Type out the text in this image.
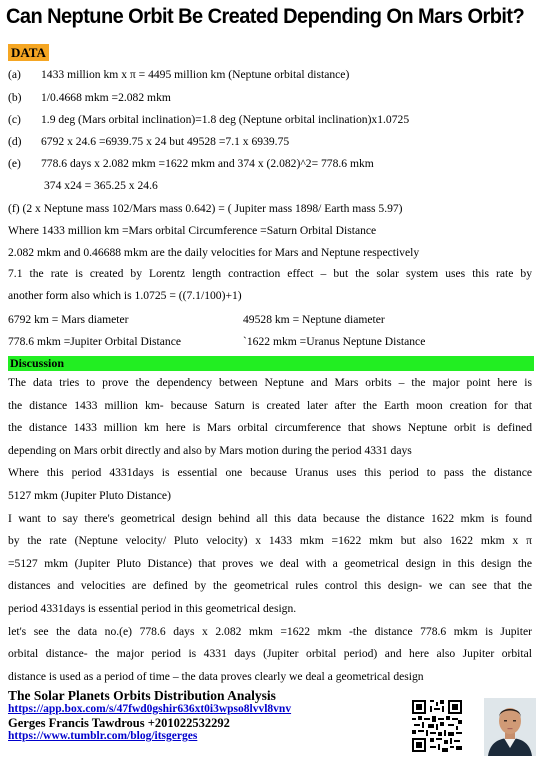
Can Neptune Orbit Be Created Depending On Mars Orbit?
DATA
(a) 1433 million km x π = 4495 million km (Neptune orbital distance)
(b) 1/0.4668 mkm =2.082 mkm
(c) 1.9 deg (Mars orbital inclination)=1.8 deg (Neptune orbital inclination)x1.0725
(d) 6792 x 24.6 =6939.75 x 24 but 49528 =7.1 x 6939.75
(e) 778.6 days x 2.082 mkm =1622 mkm and 374 x (2.082)^2= 778.6 mkm
374 x24 = 365.25 x 24.6
(f) (2 x Neptune mass 102/Mars mass 0.642) = ( Jupiter mass 1898/ Earth mass 5.97)
Where 1433 million km =Mars orbital Circumference =Saturn Orbital Distance
2.082 mkm and 0.46688 mkm are the daily velocities for Mars and Neptune respectively
7.1 the rate is created by Lorentz length contraction effect – but the solar system uses this rate by
another form also which is 1.0725 = ((7.1/100)+1)
6792 km = Mars diameter	49528 km = Neptune diameter
778.6 mkm =Jupiter Orbital Distance	`1622 mkm =Uranus Neptune Distance
Discussion
The data tries to prove the dependency between Neptune and Mars orbits – the major point here is
the distance 1433 million km- because Saturn is created later after the Earth moon creation for that
the distance 1433 million km here is Mars orbital circumference that shows Neptune orbit is defined
depending on Mars orbit directly and also by Mars motion during the period 4331 days
Where this period 4331days is essential one because Uranus uses this period to pass the distance
5127 mkm (Jupiter Pluto Distance)
I want to say there's geometrical design behind all this data because the distance 1622 mkm is found
by the rate (Neptune velocity/ Pluto velocity) x 1433 mkm =1622 mkm but also 1622 mkm x π
=5127 mkm (Jupiter Pluto Distance) that proves we deal with a geometrical design in this design the
distances and velocities are defined by the geometrical rules control this design- we can see that the
period 4331days is essential period in this geometrical design.
let's see the data no.(e) 778.6 days x 2.082 mkm =1622 mkm -the distance 778.6 mkm is Jupiter
orbital distance- the major period is 4331 days (Jupiter orbital period) and here also Jupiter orbital
distance is used as a period of time – the data proves clearly we deal a geometrical design
The Solar Planets Orbits Distribution Analysis
https://app.box.com/s/47fwd0gshir636xt0i3wpso8lvvl8vnv
Gerges Francis Tawdrous +201022532292
https://www.tumblr.com/blog/itsgerges
